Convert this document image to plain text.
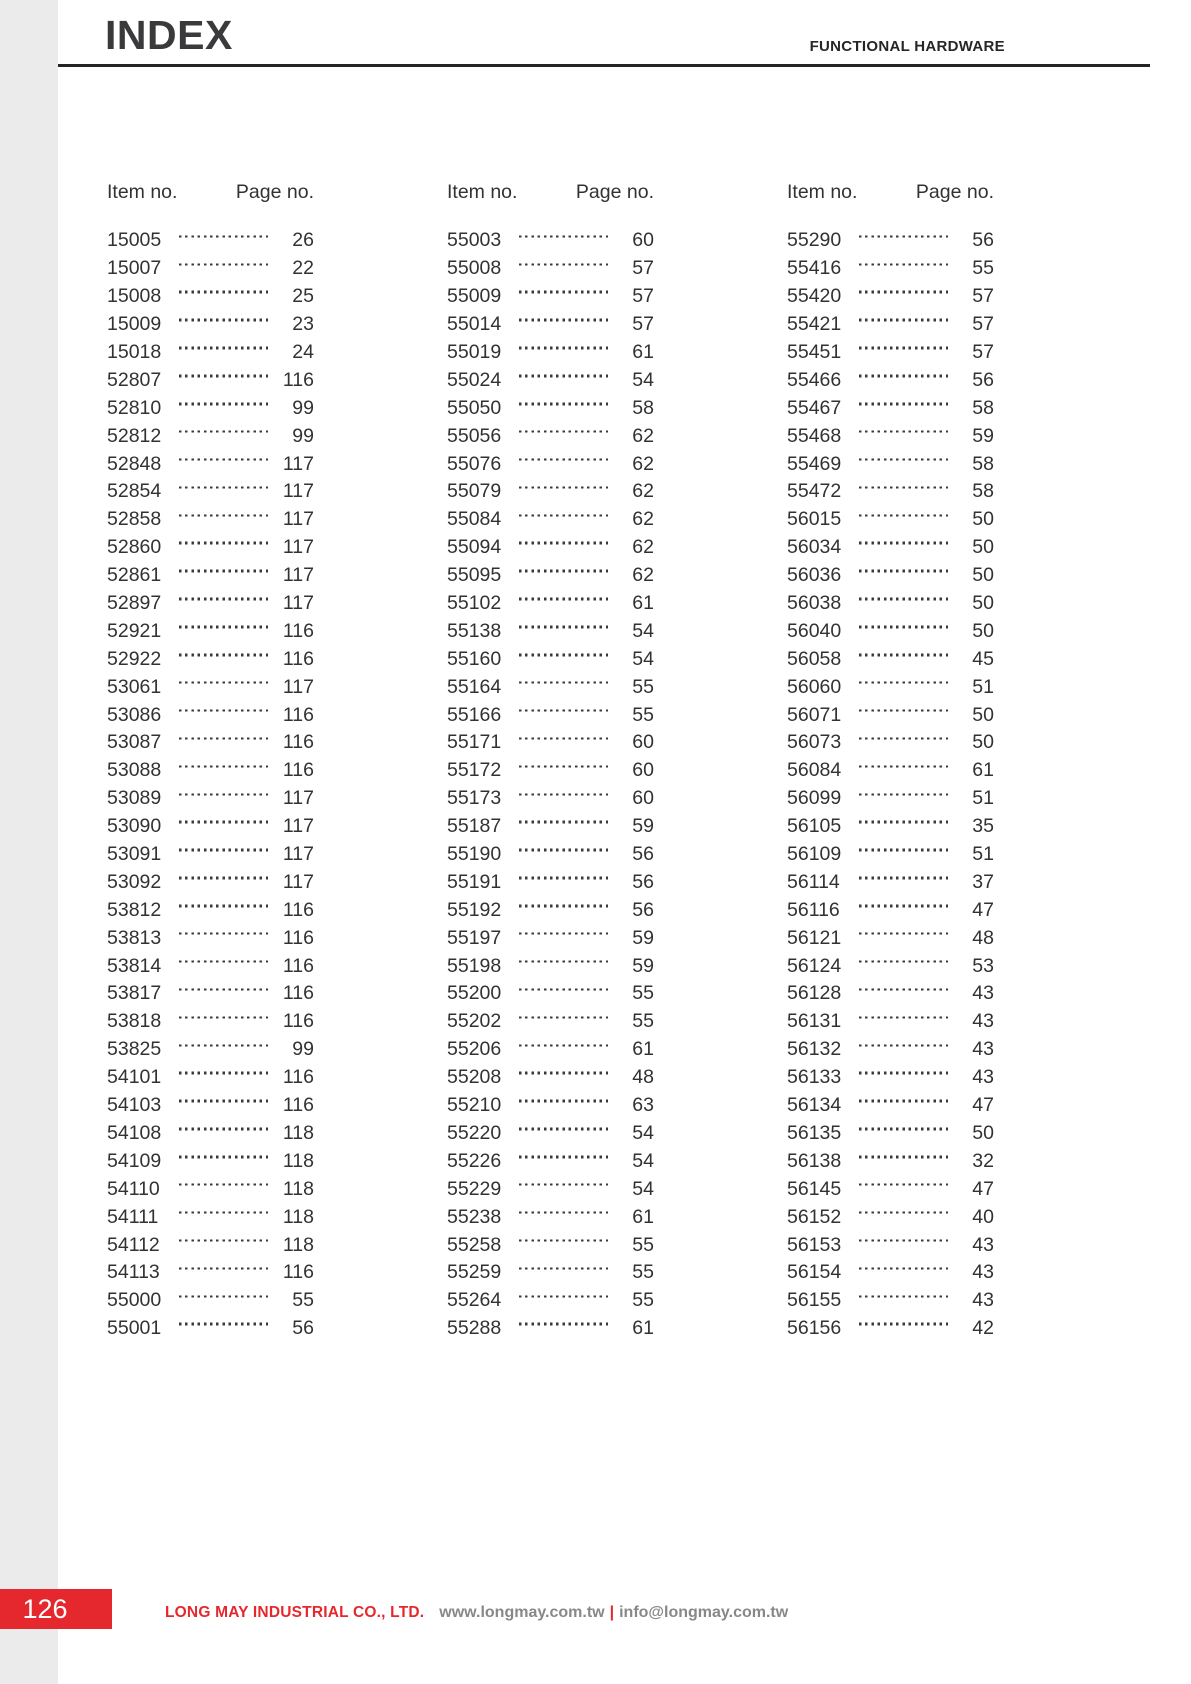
INDEX	FUNCTIONAL HARDWARE
Item no.	Page no.
15005	26
15007	22
15008	25
15009	23
15018	24
52807	116
52810	99
52812	99
52848	117
52854	117
52858	117
52860	117
52861	117
52897	117
52921	116
52922	116
53061	117
53086	116
53087	116
53088	116
53089	117
53090	117
53091	117
53092	117
53812	116
53813	116
53814	116
53817	116
53818	116
53825	99
54101	116
54103	116
54108	118
54109	118
54110	118
54111	118
54112	118
54113	116
55000	55
55001	56
Item no.	Page no.
55003	60
55008	57
55009	57
55014	57
55019	61
55024	54
55050	58
55056	62
55076	62
55079	62
55084	62
55094	62
55095	62
55102	61
55138	54
55160	54
55164	55
55166	55
55171	60
55172	60
55173	60
55187	59
55190	56
55191	56
55192	56
55197	59
55198	59
55200	55
55202	55
55206	61
55208	48
55210	63
55220	54
55226	54
55229	54
55238	61
55258	55
55259	55
55264	55
55288	61
Item no.	Page no.
55290	56
55416	55
55420	57
55421	57
55451	57
55466	56
55467	58
55468	59
55469	58
55472	58
56015	50
56034	50
56036	50
56038	50
56040	50
56058	45
56060	51
56071	50
56073	50
56084	61
56099	51
56105	35
56109	51
56114	37
56116	47
56121	48
56124	53
56128	43
56131	43
56132	43
56133	43
56134	47
56135	50
56138	32
56145	47
56152	40
56153	43
56154	43
56155	43
56156	42
126	LONG MAY INDUSTRIAL CO., LTD. www.longmay.com.tw | info@longmay.com.tw
